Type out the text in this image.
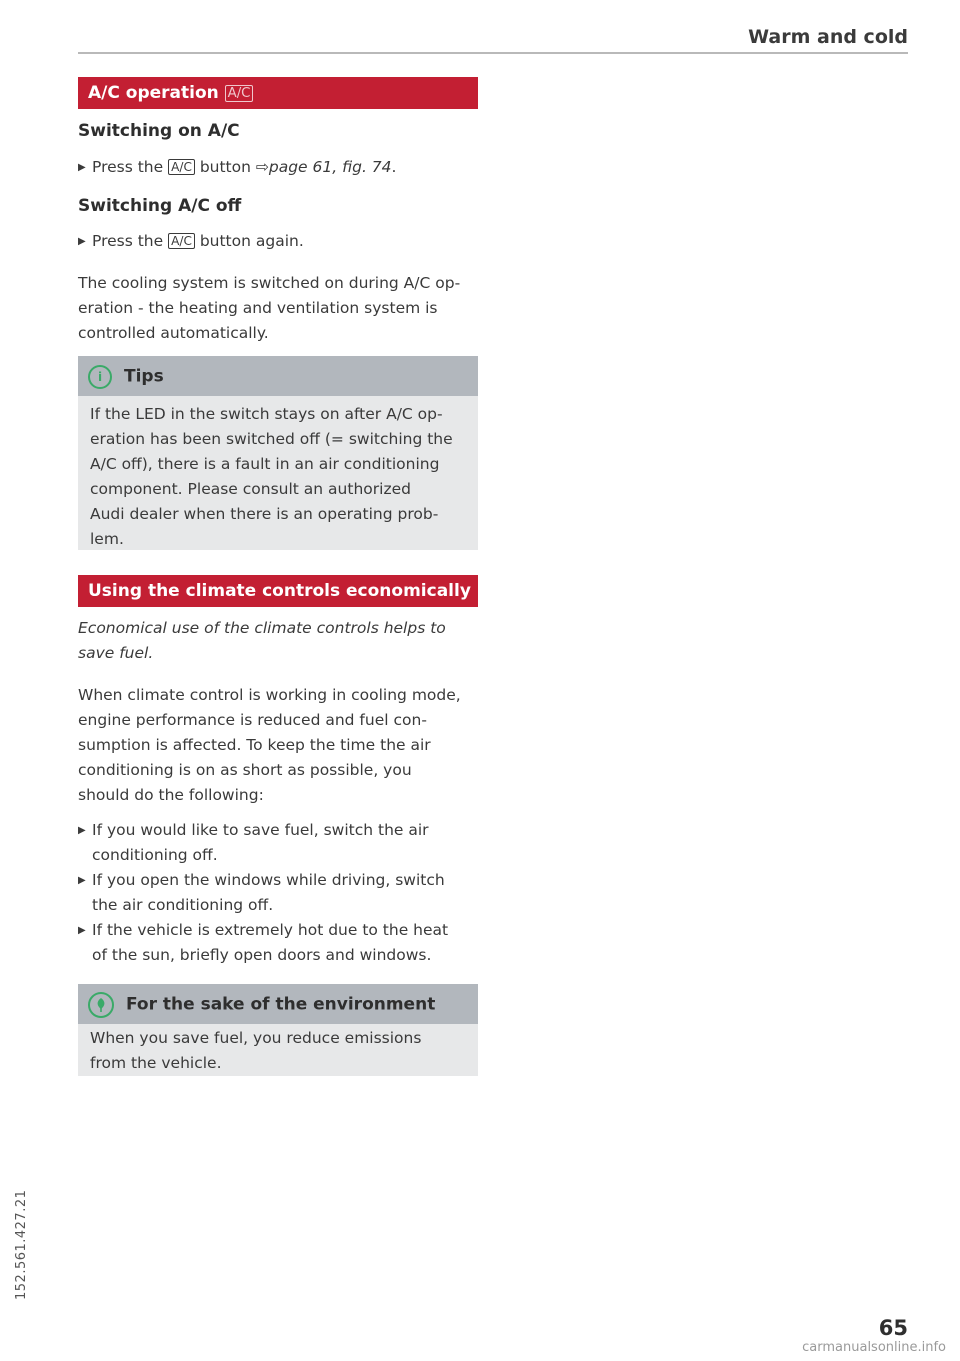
Warm and cold
A/C operation A/C
Switching on A/C
▶ Press the A/C button ⇨page 61, fig. 74.
Switching A/C off
▶ Press the A/C button again.
The cooling system is switched on during A/C op-
eration - the heating and ventilation system is
controlled automatically.
i Tips
If the LED in the switch stays on after A/C op-
eration has been switched off (= switching the
A/C off), there is a fault in an air conditioning
component. Please consult an authorized
Audi dealer when there is an operating prob-
lem.
Using the climate controls economically
Economical use of the climate controls helps to
save fuel.
When climate control is working in cooling mode,
engine performance is reduced and fuel con-
sumption is affected. To keep the time the air
conditioning is on as short as possible, you
should do the following:
▶ If you would like to save fuel, switch the air
conditioning off.
▶ If you open the windows while driving, switch
the air conditioning off.
▶ If the vehicle is extremely hot due to the heat
of the sun, briefly open doors and windows.
For the sake of the environment
When you save fuel, you reduce emissions
from the vehicle.
152.561.427.21
65
carmanualsonline.info
